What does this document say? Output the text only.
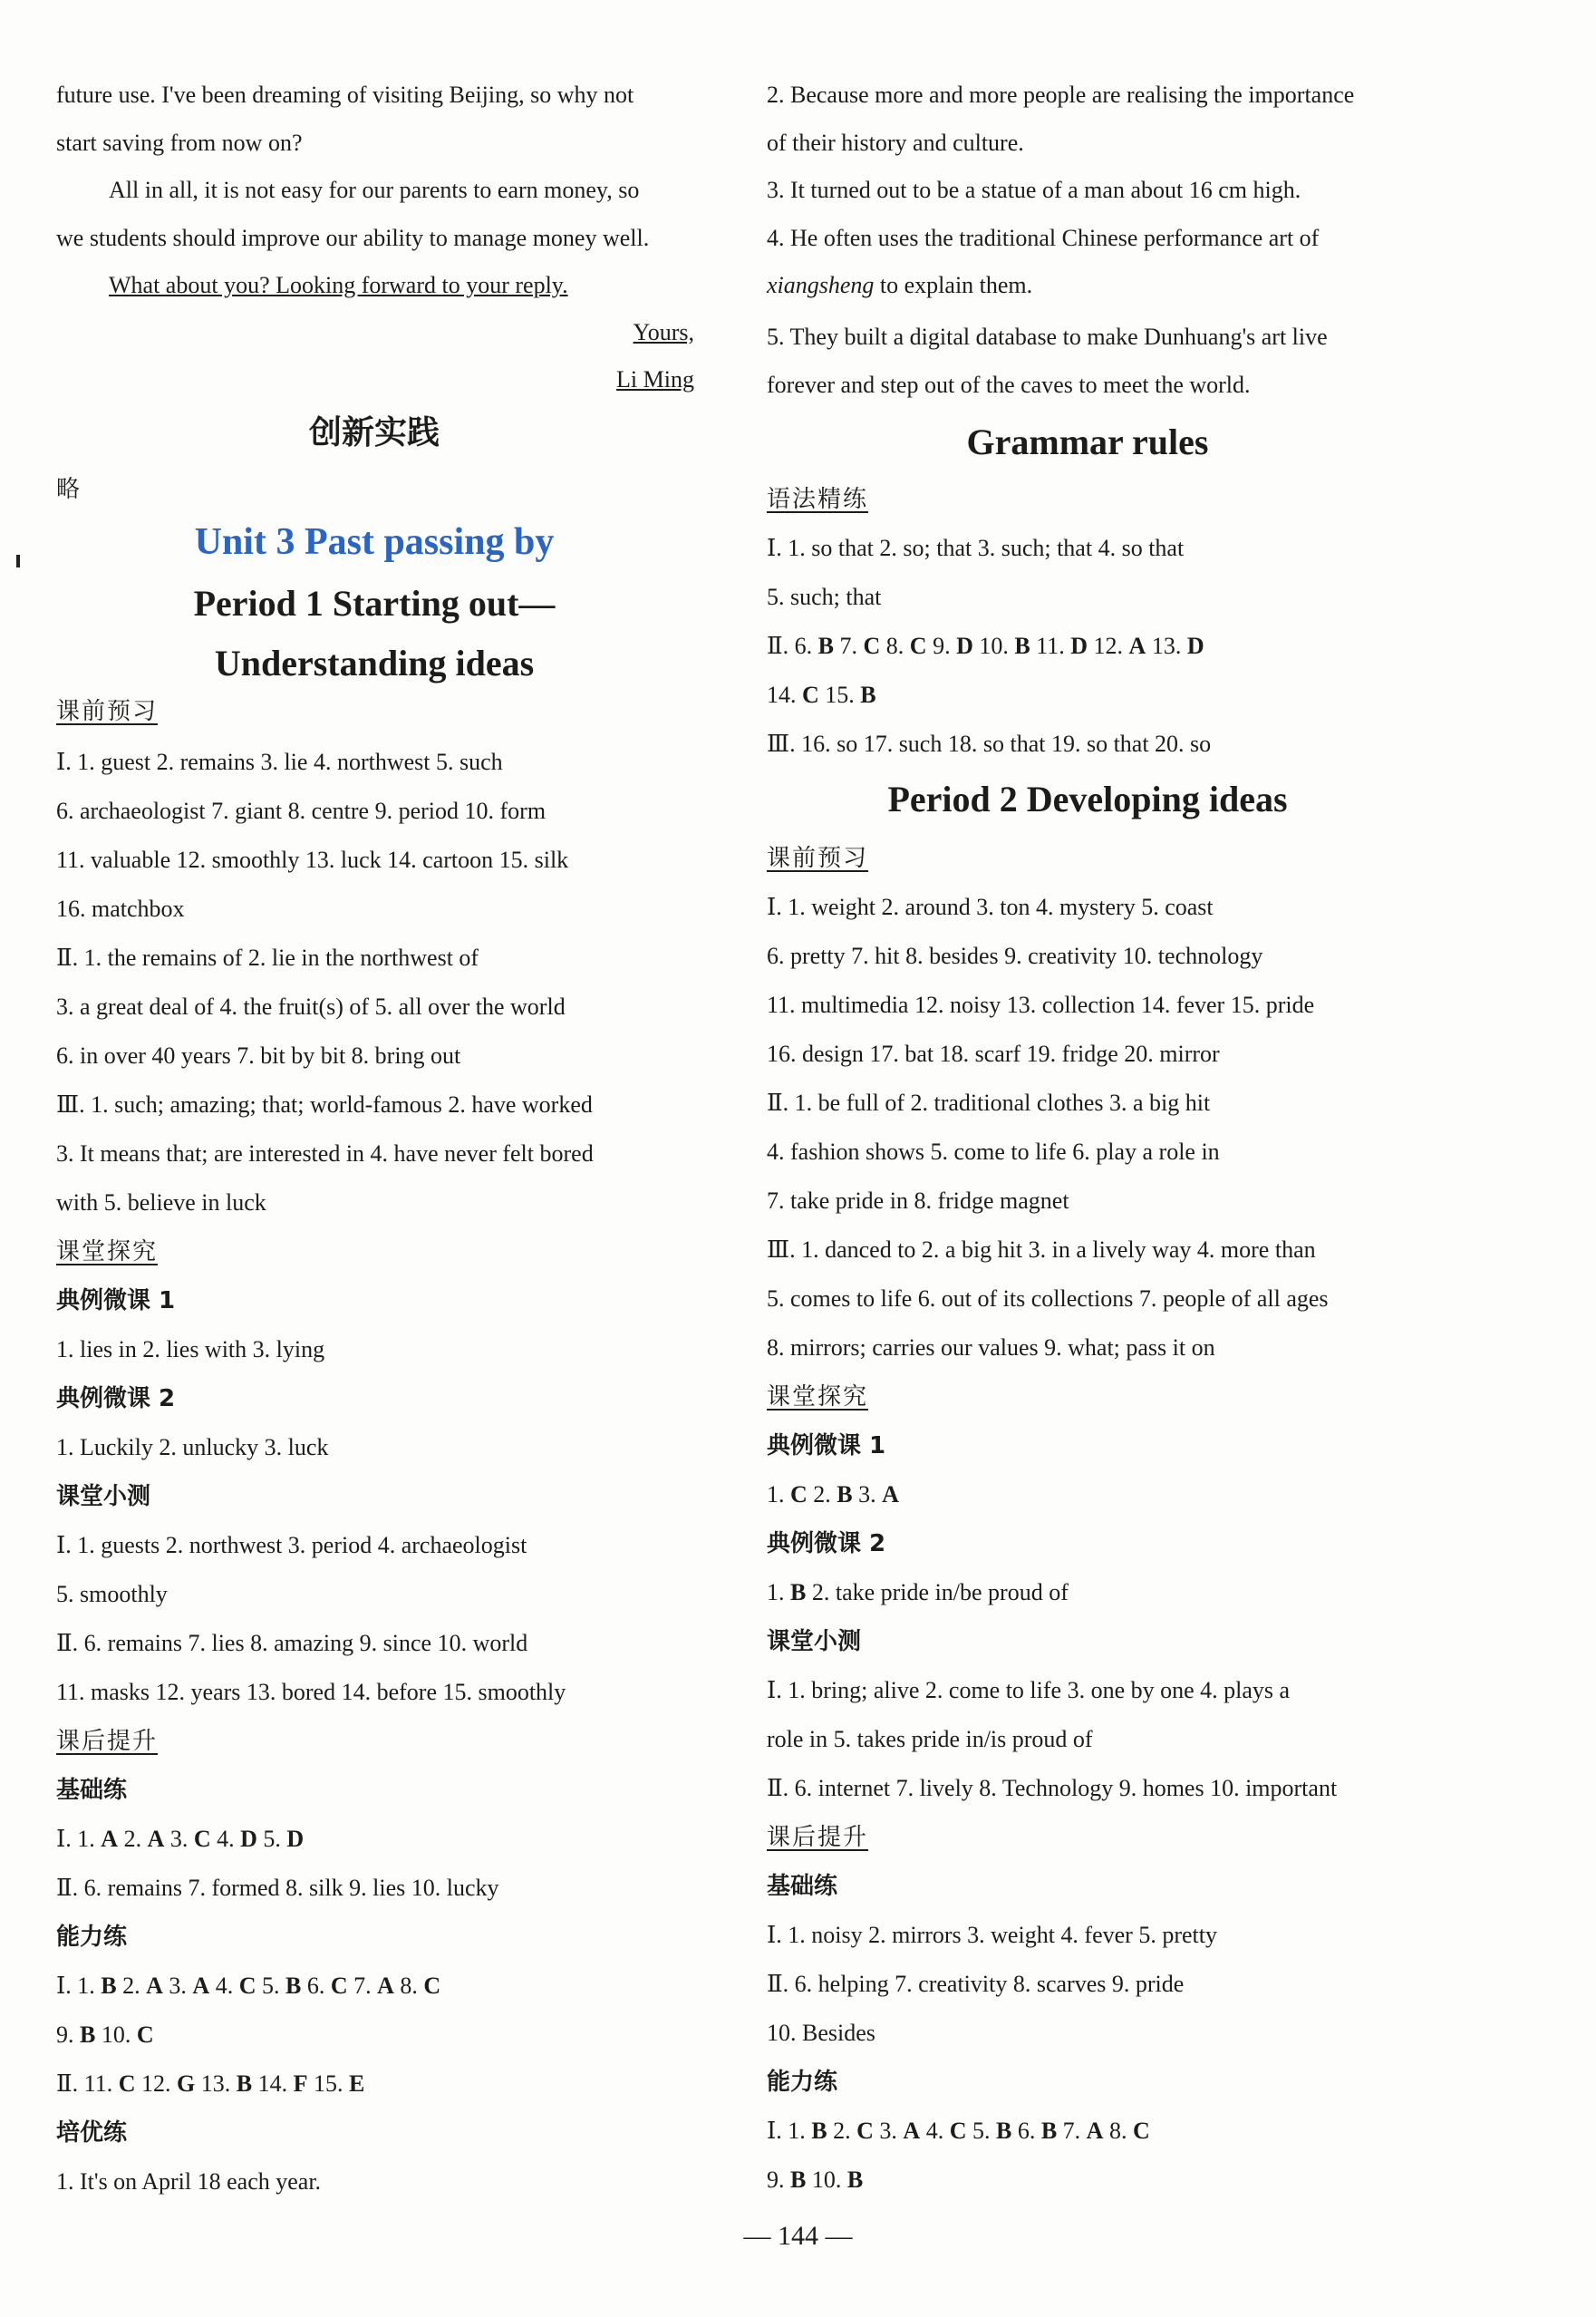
future use. I've been dreaming of visiting Beijing, so why not
start saving from now on?
All in all, it is not easy for our parents to earn money, so
we students should improve our ability to manage money well.
What about you? Looking forward to your reply.
Yours,
Li Ming
创新实践
略
Unit 3 Past passing by
Period 1 Starting out—
Understanding ideas
课前预习
Ⅰ. 1. guest 2. remains 3. lie 4. northwest 5. such
6. archaeologist 7. giant 8. centre 9. period 10. form
11. valuable 12. smoothly 13. luck 14. cartoon 15. silk
16. matchbox
Ⅱ. 1. the remains of 2. lie in the northwest of
3. a great deal of 4. the fruit(s) of 5. all over the world
6. in over 40 years 7. bit by bit 8. bring out
Ⅲ. 1. such; amazing; that; world-famous 2. have worked
3. It means that; are interested in 4. have never felt bored
with 5. believe in luck
课堂探究
典例微课 1
1. lies in 2. lies with 3. lying
典例微课 2
1. Luckily 2. unlucky 3. luck
课堂小测
Ⅰ. 1. guests 2. northwest 3. period 4. archaeologist
5. smoothly
Ⅱ. 6. remains 7. lies 8. amazing 9. since 10. world
11. masks 12. years 13. bored 14. before 15. smoothly
课后提升
基础练
Ⅰ. 1. A 2. A 3. C 4. D 5. D
Ⅱ. 6. remains 7. formed 8. silk 9. lies 10. lucky
能力练
Ⅰ. 1. B 2. A 3. A 4. C 5. B 6. C 7. A 8. C
9. B 10. C
Ⅱ. 11. C 12. G 13. B 14. F 15. E
培优练
1. It's on April 18 each year.
2. Because more and more people are realising the importance
of their history and culture.
3. It turned out to be a statue of a man about 16 cm high.
4. He often uses the traditional Chinese performance art of
xiangsheng to explain them.
5. They built a digital database to make Dunhuang's art live
forever and step out of the caves to meet the world.
Grammar rules
语法精练
Ⅰ. 1. so that 2. so; that 3. such; that 4. so that
5. such; that
Ⅱ. 6. B 7. C 8. C 9. D 10. B 11. D 12. A 13. D
14. C 15. B
Ⅲ. 16. so 17. such 18. so that 19. so that 20. so
Period 2 Developing ideas
课前预习
Ⅰ. 1. weight 2. around 3. ton 4. mystery 5. coast
6. pretty 7. hit 8. besides 9. creativity 10. technology
11. multimedia 12. noisy 13. collection 14. fever 15. pride
16. design 17. bat 18. scarf 19. fridge 20. mirror
Ⅱ. 1. be full of 2. traditional clothes 3. a big hit
4. fashion shows 5. come to life 6. play a role in
7. take pride in 8. fridge magnet
Ⅲ. 1. danced to 2. a big hit 3. in a lively way 4. more than
5. comes to life 6. out of its collections 7. people of all ages
8. mirrors; carries our values 9. what; pass it on
课堂探究
典例微课 1
1. C 2. B 3. A
典例微课 2
1. B 2. take pride in/be proud of
课堂小测
Ⅰ. 1. bring; alive 2. come to life 3. one by one 4. plays a
role in 5. takes pride in/is proud of
Ⅱ. 6. internet 7. lively 8. Technology 9. homes 10. important
课后提升
基础练
Ⅰ. 1. noisy 2. mirrors 3. weight 4. fever 5. pretty
Ⅱ. 6. helping 7. creativity 8. scarves 9. pride
10. Besides
能力练
Ⅰ. 1. B 2. C 3. A 4. C 5. B 6. B 7. A 8. C
9. B 10. B
— 144 —
